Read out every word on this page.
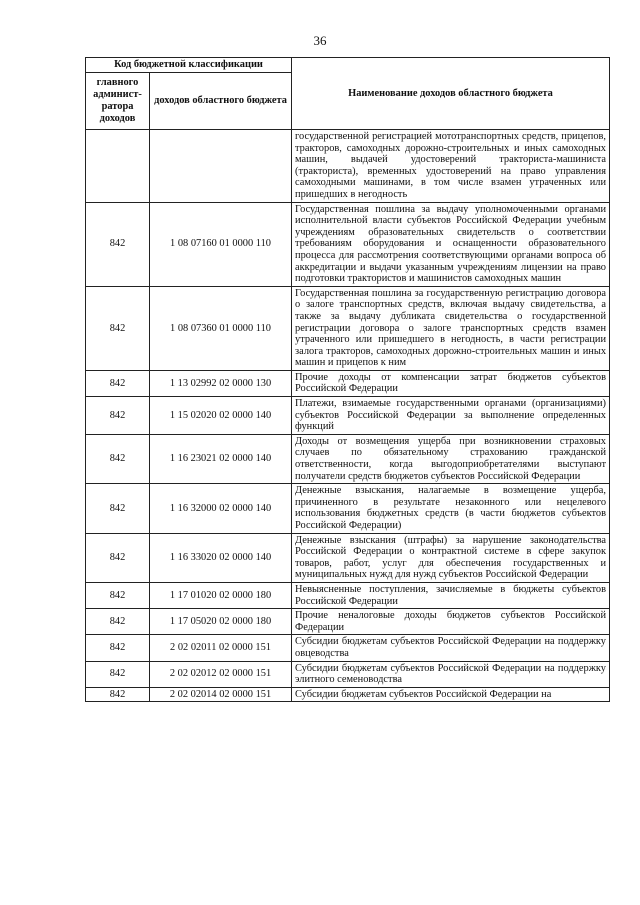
36
Код бюджетной классификации		Наименование доходов областного бюджета
главного админист-ратора доходов	доходов областного бюджета	
		государственной регистрацией мототранспортных средств, прицепов, тракторов, самоходных дорожно-строительных и иных самоходных машин, выдачей удостоверений тракториста-машиниста (тракториста), временных удостоверений на право управления самоходными машинами, в том числе взамен утраченных или пришедших в негодность
842	1 08 07160 01 0000 110	Государственная пошлина за выдачу уполномоченными органами исполнительной власти субъектов Российской Федерации учебным учреждениям образовательных свидетельств о соответствии требованиям оборудования и оснащенности образовательного процесса для рассмотрения соответствующими органами вопроса об аккредитации и выдачи указанным учреждениям лицензии на право подготовки трактористов и машинистов самоходных машин
842	1 08 07360 01 0000 110	Государственная пошлина за государственную регистрацию договора о залоге транспортных средств, включая выдачу свидетельства, а также за выдачу дубликата свидетельства о государственной регистрации договора о залоге транспортных средств взамен утраченного или пришедшего в негодность, в части регистрации залога тракторов, самоходных дорожно-строительных машин и иных машин и прицепов к ним
842	1 13 02992 02 0000 130	Прочие доходы от компенсации затрат бюджетов субъектов Российской Федерации
842	1 15 02020 02 0000 140	Платежи, взимаемые государственными органами (организациями) субъектов Российской Федерации за выполнение определенных функций
842	1 16 23021 02 0000 140	Доходы от возмещения ущерба при возникновении страховых случаев по обязательному страхованию гражданской ответственности, когда выгодоприобретателями выступают получатели средств бюджетов субъектов Российской Федерации
842	1 16 32000 02 0000 140	Денежные взыскания, налагаемые в возмещение ущерба, причиненного в результате незаконного или нецелевого использования бюджетных средств (в части бюджетов субъектов Российской Федерации)
842	1 16 33020 02 0000 140	Денежные взыскания (штрафы) за нарушение законодательства Российской Федерации о контрактной системе в сфере закупок товаров, работ, услуг для обеспечения государственных и муниципальных нужд для нужд субъектов Российской Федерации
842	1 17 01020 02 0000 180	Невыясненные поступления, зачисляемые в бюджеты субъектов Российской Федерации
842	1 17 05020 02 0000 180	Прочие неналоговые доходы бюджетов субъектов Российской Федерации
842	2 02 02011 02 0000 151	Субсидии бюджетам субъектов Российской Федерации на поддержку овцеводства
842	2 02 02012 02 0000 151	Субсидии бюджетам субъектов Российской Федерации на поддержку элитного семеноводства
842	2 02 02014 02 0000 151	Субсидии бюджетам субъектов Российской Федерации на
